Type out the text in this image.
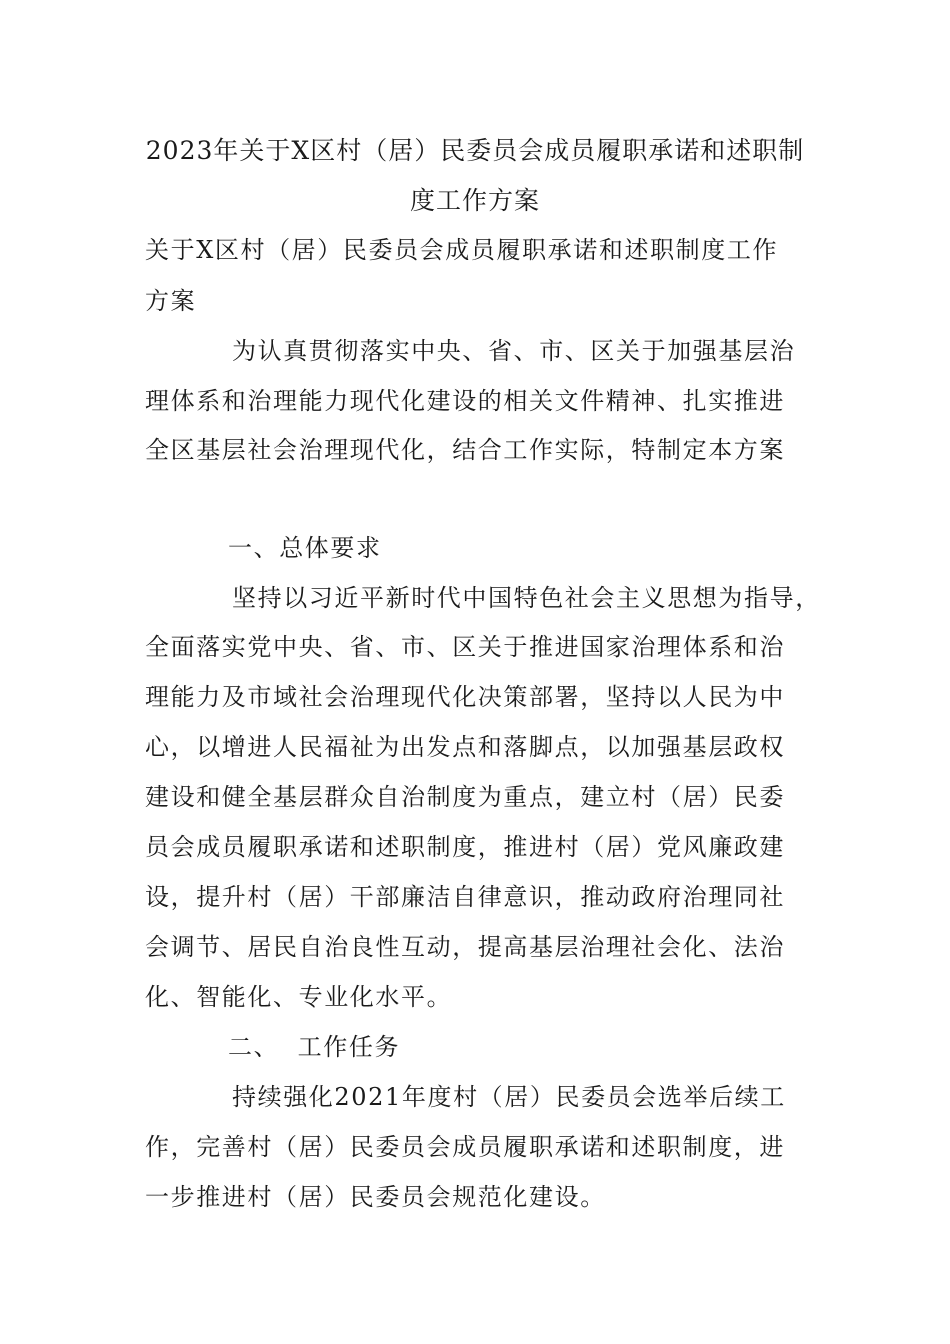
2023年关于X区村（居）民委员会成员履职承诺和述职制
度工作方案

关于X区村（居）民委员会成员履职承诺和述职制度工作

方案

为认真贯彻落实中央、省、市、区关于加强基层治

理体系和治理能力现代化建设的相关文件精神、扎实推进

全区基层社会治理现代化，结合工作实际，特制定本方案

一、总体要求

坚持以习近平新时代中国特色社会主义思想为指导，

全面落实党中央、省、市、区关于推进国家治理体系和治

理能力及市域社会治理现代化决策部署，坚持以人民为中

心，以增进人民福祉为出发点和落脚点，以加强基层政权

建设和健全基层群众自治制度为重点，建立村（居）民委

员会成员履职承诺和述职制度，推进村（居）党风廉政建

设，提升村（居）干部廉洁自律意识，推动政府治理同社

会调节、居民自治良性互动，提高基层治理社会化、法治

化、智能化、专业化水平。

二、  工作任务

持续强化2021年度村（居）民委员会选举后续工

作，完善村（居）民委员会成员履职承诺和述职制度，进

一步推进村（居）民委员会规范化建设。
